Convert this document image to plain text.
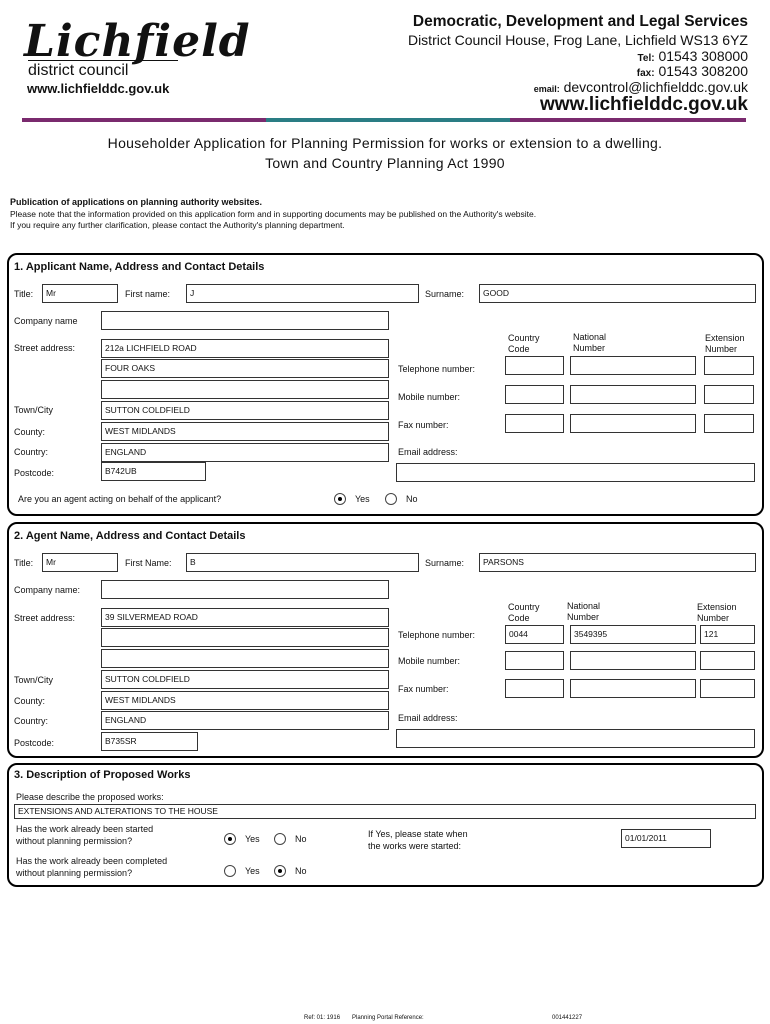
Lichfield
district council
www.lichfielddc.gov.uk
Democratic, Development and Legal Services
District Council House, Frog Lane, Lichfield WS13 6YZ
Tel: 01543 308000
fax: 01543 308200
email: devcontrol@lichfielddc.gov.uk
www.lichfielddc.gov.uk
Householder Application for Planning Permission for works or extension to a dwelling.
Town and Country Planning Act 1990
Publication of applications on planning authority websites.
Please note that the information provided on this application form and in supporting documents may be published on the Authority's website.
If you require any further clarification, please contact the Authority's planning department.
1. Applicant Name, Address and Contact Details
Title:	Mr	First name:	J	Surname:	GOOD
Company name
Street address:	212a LICHFIELD ROAD
FOUR OAKS
Country Code
National Number
Extension Number
Telephone number:
Mobile number:
Town/City	SUTTON COLDFIELD
Fax number:
County:	WEST MIDLANDS
Country:	ENGLAND	Email address:
Postcode:	B742UB
Are you an agent acting on behalf of the applicant?	Yes	No
2. Agent Name, Address and Contact Details
Title:	Mr	First Name:	B	Surname:	PARSONS
Company name:
Street address:	39 SILVERMEAD ROAD
Country Code
National Number
Extension Number
Telephone number:	0044	3549395	121
Mobile number:
Town/City	SUTTON COLDFIELD
Fax number:
County:	WEST MIDLANDS
Country:	ENGLAND	Email address:
Postcode:	B735SR
3. Description of Proposed Works
Please describe the proposed works:
EXTENSIONS AND ALTERATIONS TO THE HOUSE
Has the work already been started
without planning permission?	Yes	No	If Yes, please state when
the works were started:
01/01/2011
Has the work already been completed
without planning permission?	Yes	No
Ref: 01: 1916 Planning Portal Reference:	001441227
